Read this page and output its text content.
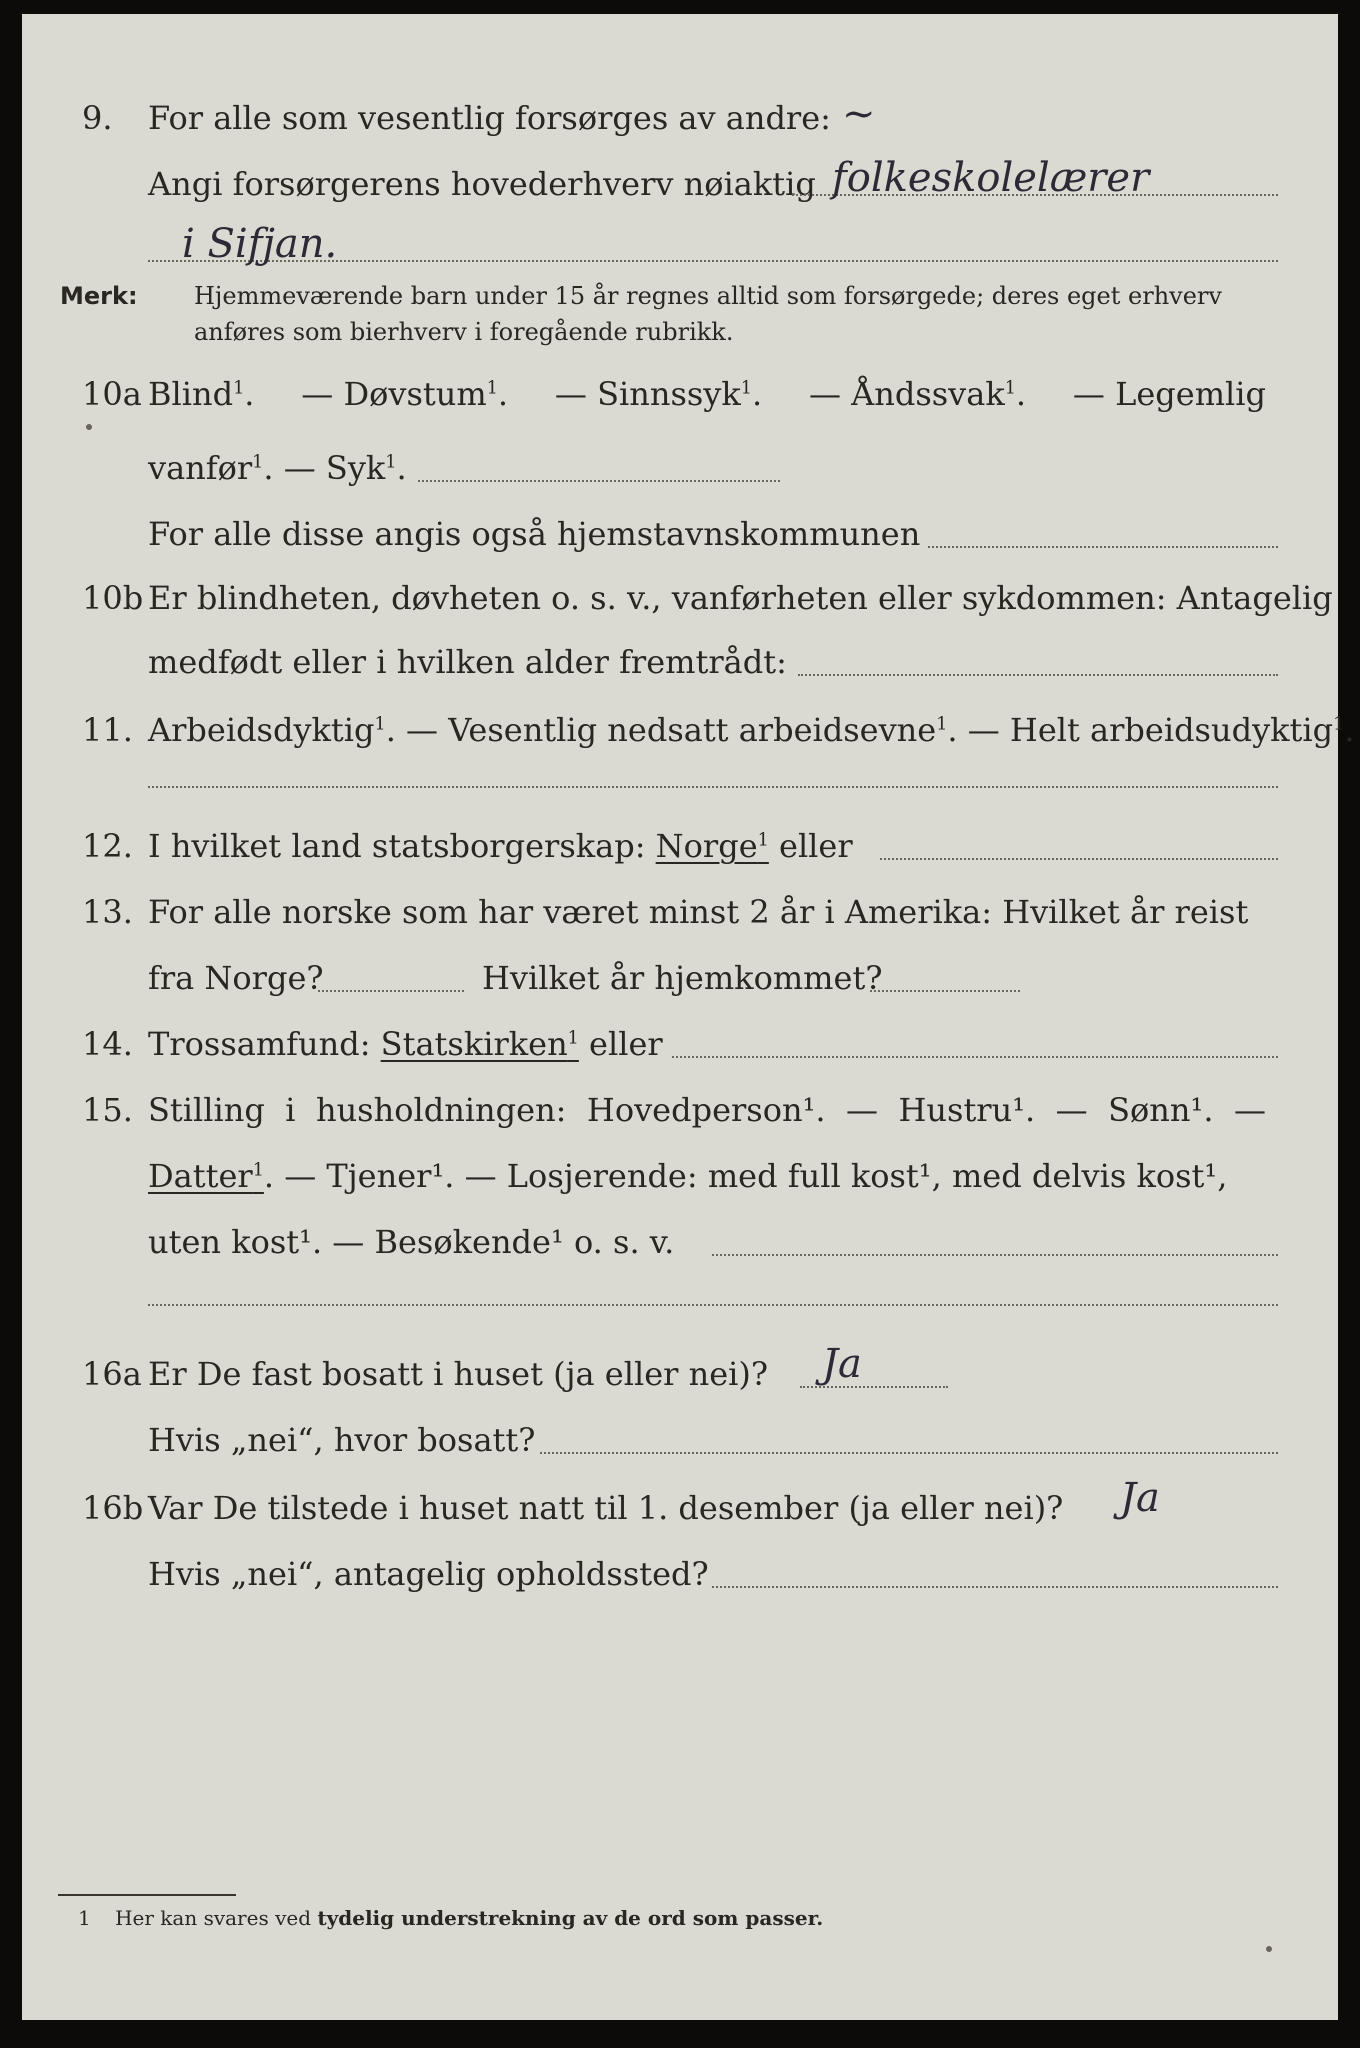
9. For alle som vesentlig forsørges av andre: ~
Angi forsørgerens hovederhverv nøiaktig folkeskolelærer
i Sifjan.
Merk: Hjemmeværende barn under 15 år regnes alltid som forsørgede; deres eget erhverv
anføres som bierhverv i foregående rubrikk.
10a Blind$^1$. — Døvstum$^1$. — Sinnssyk$^1$. — Åndssvak$^1$. — Legemlig
vanfør$^1$. — Syk$^1$.
For alle disse angis også hjemstavnskommunen
10b Er blindheten, døvheten o. s. v., vanførheten eller sykdommen: Antagelig
medfødt eller i hvilken alder fremtrådt:
11. Arbeidsdyktig$^1$. — Vesentlig nedsatt arbeidsevne$^1$. — Helt arbeidsudyktig$^1$.
12. I hvilket land statsborgerskap: Norge$^1$ eller
13. For alle norske som har været minst 2 år i Amerika: Hvilket år reist
fra Norge?	Hvilket år hjemkommet?
14. Trossamfund: Statskirken$^1$ eller
15. Stilling i husholdningen: Hovedperson¹. — Hustru¹. — Sønn¹. —
Datter$^1$. — Tjener¹. — Losjerende: med full kost¹, med delvis kost¹,
uten kost¹. — Besøkende¹ o. s. v.
16a Er De fast bosatt i huset (ja eller nei)? Ja
Hvis „nei“, hvor bosatt?
16b Var De tilstede i huset natt til 1. desember (ja eller nei)? Ja
Hvis „nei“, antagelig opholdssted?
1 Her kan svares ved tydelig understrekning av de ord som passer.
